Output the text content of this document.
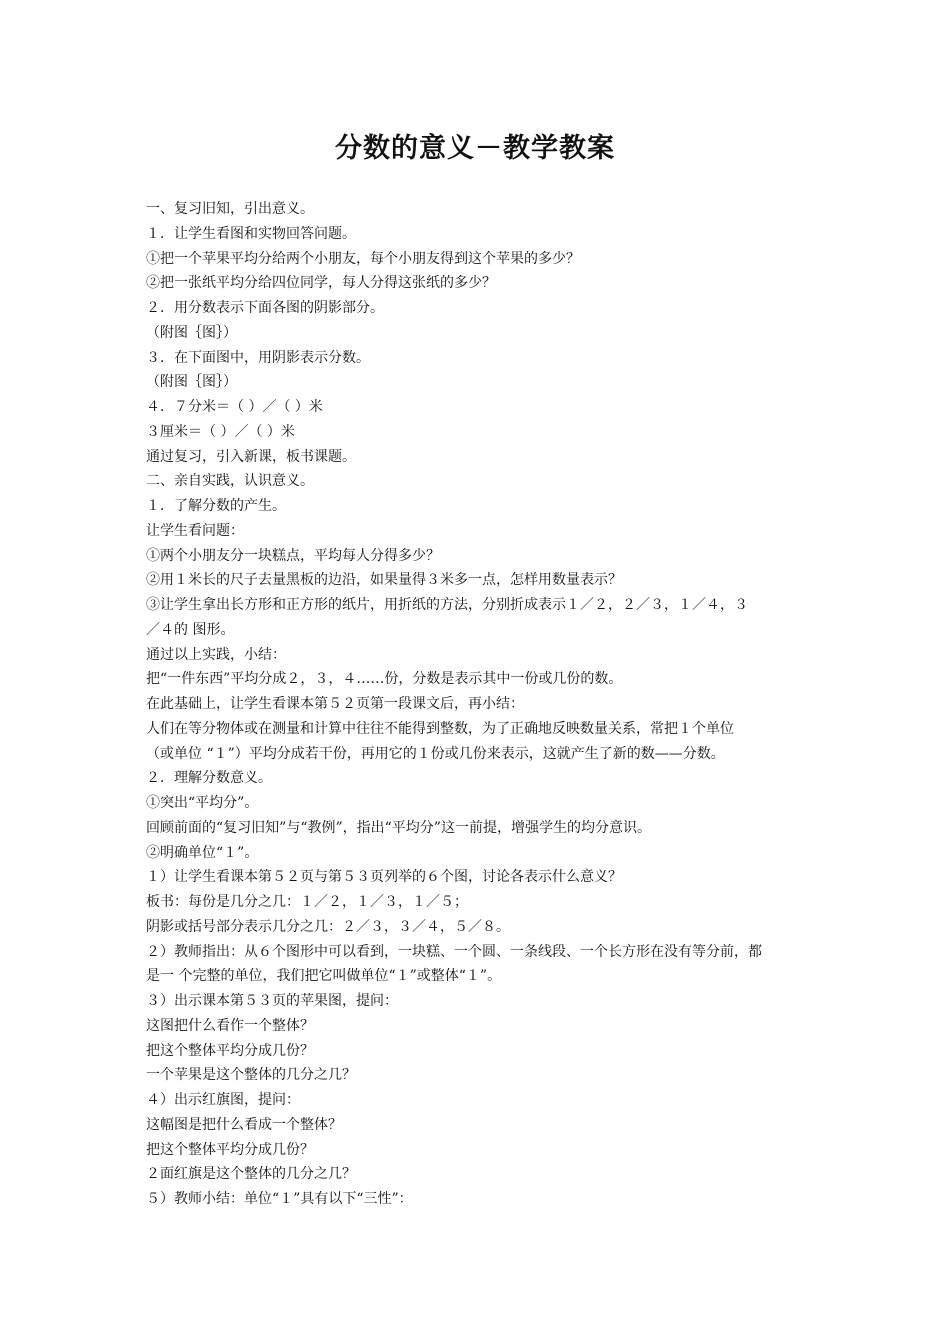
分数的意义－教学教案
一、复习旧知，引出意义。
１．让学生看图和实物回答问题。
①把一个苹果平均分给两个小朋友，每个小朋友得到这个苹果的多少？
②把一张纸平均分给四位同学，每人分得这张纸的多少？
２．用分数表示下面各图的阴影部分。
（附图｛图｝）
３．在下面图中，用阴影表示分数。
（附图｛图｝）
４．７分米＝（ ）／（ ）米
３厘米＝（ ）／（ ）米
通过复习，引入新课，板书课题。
二、亲自实践，认识意义。
１．了解分数的产生。
让学生看问题：
①两个小朋友分一块糕点，平均每人分得多少？
②用１米长的尺子去量黑板的边沿，如果量得３米多一点，怎样用数量表示？
③让学生拿出长方形和正方形的纸片，用折纸的方法，分别折成表示１／２，２／３，１／４，３
／４的 图形。
通过以上实践，小结：
把“一件东西”平均分成２，３，４……份，分数是表示其中一份或几份的数。
在此基础上，让学生看课本第５２页第一段课文后，再小结：
人们在等分物体或在测量和计算中往往不能得到整数，为了正确地反映数量关系，常把１个单位
（或单位 “１”）平均分成若干份，再用它的１份或几份来表示，这就产生了新的数——分数。
２．理解分数意义。
①突出“平均分”。
回顾前面的“复习旧知”与“教例”，指出“平均分”这一前提，增强学生的均分意识。
②明确单位“１”。
１）让学生看课本第５２页与第５３页列举的６个图，讨论各表示什么意义？
板书：每份是几分之几：１／２，１／３，１／５；
阴影或括号部分表示几分之几：２／３，３／４，５／８。
２）教师指出：从６个图形中可以看到，一块糕、一个圆、一条线段、一个长方形在没有等分前，都
是一 个完整的单位，我们把它叫做单位“１”或整体“１”。
３）出示课本第５３页的苹果图，提问：
这图把什么看作一个整体？
把这个整体平均分成几份？
一个苹果是这个整体的几分之几？
４）出示红旗图，提问：
这幅图是把什么看成一个整体？
把这个整体平均分成几份？
２面红旗是这个整体的几分之几？
５）教师小结：单位“１”具有以下“三性”：
